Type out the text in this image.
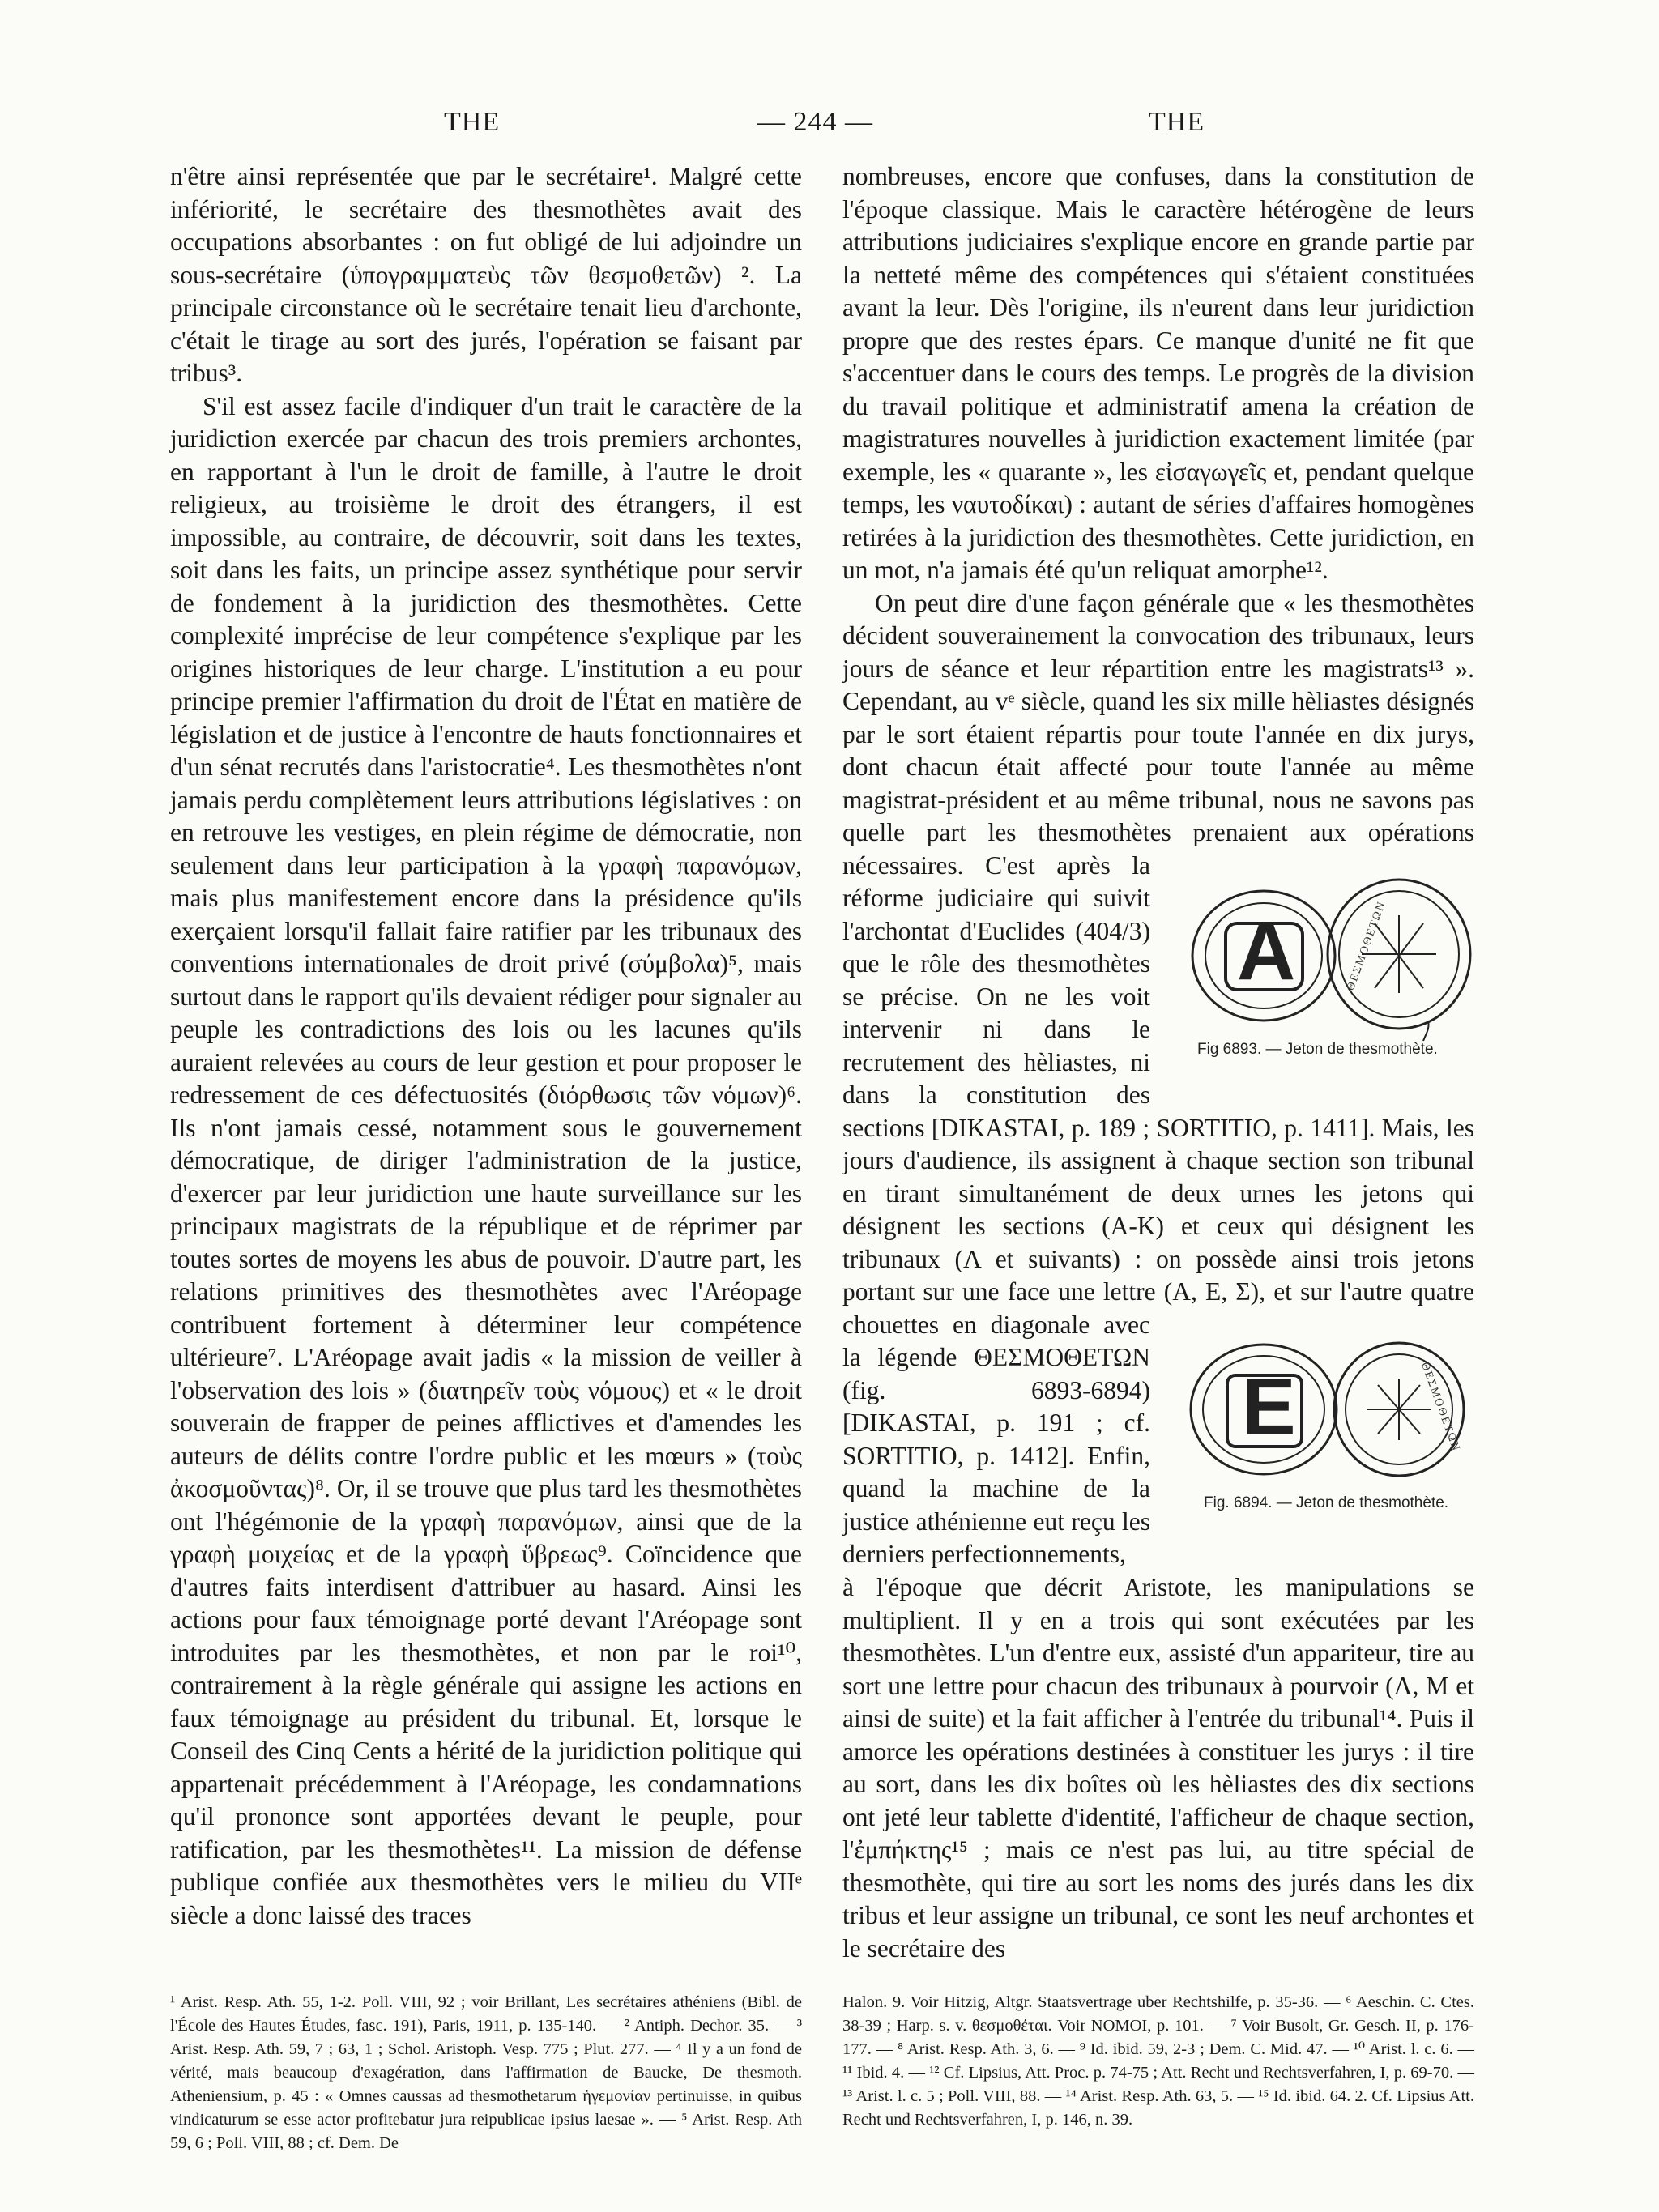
THE	— 244 —	THE

n'être ainsi représentée que par le secrétaire¹. Malgré cette infériorité, le secrétaire des thesmothètes avait des occupations absorbantes : on fut obligé de lui adjoindre un sous-secrétaire (ὑπογραμματεὺς τῶν θεσμοθετῶν) ². La principale circonstance où le secrétaire tenait lieu d'archonte, c'était le tirage au sort des jurés, l'opération se faisant par tribus³.

S'il est assez facile d'indiquer d'un trait le caractère de la juridiction exercée par chacun des trois premiers archontes, en rapportant à l'un le droit de famille, à l'autre le droit religieux, au troisième le droit des étrangers, il est impossible, au contraire, de découvrir, soit dans les textes, soit dans les faits, un principe assez synthétique pour servir de fondement à la juridiction des thesmothètes. Cette complexité imprécise de leur compétence s'explique par les origines historiques de leur charge. L'institution a eu pour principe premier l'affirmation du droit de l'État en matière de législation et de justice à l'encontre de hauts fonctionnaires et d'un sénat recrutés dans l'aristocratie⁴. Les thesmothètes n'ont jamais perdu complètement leurs attributions législatives : on en retrouve les vestiges, en plein régime de démocratie, non seulement dans leur participation à la γραφὴ παρανόμων, mais plus manifestement encore dans la présidence qu'ils exerçaient lorsqu'il fallait faire ratifier par les tribunaux des conventions internationales de droit privé (σύμβολα)⁵, mais surtout dans le rapport qu'ils devaient rédiger pour signaler au peuple les contradictions des lois ou les lacunes qu'ils auraient relevées au cours de leur gestion et pour proposer le redressement de ces défectuosités (διόρθωσις τῶν νόμων)⁶. Ils n'ont jamais cessé, notamment sous le gouvernement démocratique, de diriger l'administration de la justice, d'exercer par leur juridiction une haute surveillance sur les principaux magistrats de la république et de réprimer par toutes sortes de moyens les abus de pouvoir. D'autre part, les relations primitives des thesmothètes avec l'Aréopage contribuent fortement à déterminer leur compétence ultérieure⁷. L'Aréopage avait jadis « la mission de veiller à l'observation des lois » (διατηρεῖν τοὺς νόμους) et « le droit souverain de frapper de peines afflictives et d'amendes les auteurs de délits contre l'ordre public et les mœurs » (τοὺς ἀκοσμοῦντας)⁸. Or, il se trouve que plus tard les thesmothètes ont l'hégémonie de la γραφὴ παρανόμων, ainsi que de la γραφὴ μοιχείας et de la γραφὴ ὕβρεως⁹. Coïncidence que d'autres faits interdisent d'attribuer au hasard. Ainsi les actions pour faux témoignage porté devant l'Aréopage sont introduites par les thesmothètes, et non par le roi¹⁰, contrairement à la règle générale qui assigne les actions en faux témoignage au président du tribunal. Et, lorsque le Conseil des Cinq Cents a hérité de la juridiction politique qui appartenait précédemment à l'Aréopage, les condamnations qu'il prononce sont apportées devant le peuple, pour ratification, par les thesmothètes¹¹. La mission de défense publique confiée aux thesmothètes vers le milieu du VIIᵉ siècle a donc laissé des traces

nombreuses, encore que confuses, dans la constitution de l'époque classique. Mais le caractère hétérogène de leurs attributions judiciaires s'explique encore en grande partie par la netteté même des compétences qui s'étaient constituées avant la leur. Dès l'origine, ils n'eurent dans leur juridiction propre que des restes épars. Ce manque d'unité ne fit que s'accentuer dans le cours des temps. Le progrès de la division du travail politique et administratif amena la création de magistratures nouvelles à juridiction exactement limitée (par exemple, les « quarante », les εἰσαγωγεῖς et, pendant quelque temps, les ναυτοδίκαι) : autant de séries d'affaires homogènes retirées à la juridiction des thesmothètes. Cette juridiction, en un mot, n'a jamais été qu'un reliquat amorphe¹².

On peut dire d'une façon générale que « les thesmothètes décident souverainement la convocation des tribunaux, leurs jours de séance et leur répartition entre les magistrats¹³ ». Cependant, au vᵉ siècle, quand les six mille hèliastes désignés par le sort étaient répartis pour toute l'année en dix jurys, dont chacun était affecté pour toute l'année au même magistrat-président et au même tribunal, nous ne savons pas quelle part les thesmothètes prenaient aux opérations nécessaires. C'est après la réforme judiciaire qui suivit l'archontat d'Euclides (404/3) que le rôle des thesmothètes se précise. On ne les voit intervenir ni dans le recrutement des hèliastes, ni dans la constitution des sections [DIKASTAI, p. 189 ; SORTITIO, p. 1411]. Mais, les jours d'audience, ils assignent à chaque section son tribunal en tirant simultanément de deux urnes les jetons qui désignent les sections (A-K) et ceux qui désignent les tribunaux (Λ et suivants) : on possède ainsi trois jetons portant sur une face une lettre (A, E, Σ), et sur l'autre quatre chouettes en diagonale avec la légende ΘΕΣΜΟΘΕΤΩΝ (fig. 6893-6894) [DIKASTAI, p. 191 ; cf. SORTITIO, p. 1412]. Enfin, quand la machine de la justice athénienne eut reçu les derniers perfectionnements,

A	ΘΕΣΜΟΘΕΤΩΝ
Fig 6893. — Jeton de thesmothète.
E	ΘΕΣΜΟΘΕΤΩΝ
Fig. 6894. — Jeton de thesmothète.

à l'époque que décrit Aristote, les manipulations se multiplient. Il y en a trois qui sont exécutées par les thesmothètes. L'un d'entre eux, assisté d'un appariteur, tire au sort une lettre pour chacun des tribunaux à pourvoir (Λ, M et ainsi de suite) et la fait afficher à l'entrée du tribunal¹⁴. Puis il amorce les opérations destinées à constituer les jurys : il tire au sort, dans les dix boîtes où les hèliastes des dix sections ont jeté leur tablette d'identité, l'afficheur de chaque section, l'ἐμπήκτης¹⁵ ; mais ce n'est pas lui, au titre spécial de thesmothète, qui tire au sort les noms des jurés dans les dix tribus et leur assigne un tribunal, ce sont les neuf archontes et le secrétaire des

¹ Arist. Resp. Ath. 55, 1-2. Poll. VIII, 92 ; voir Brillant, Les secrétaires athéniens (Bibl. de l'École des Hautes Études, fasc. 191), Paris, 1911, p. 135-140. — ² Antiph. Dechor. 35. — ³ Arist. Resp. Ath. 59, 7 ; 63, 1 ; Schol. Aristoph. Vesp. 775 ; Plut. 277. — ⁴ Il y a un fond de vérité, mais beaucoup d'exagération, dans l'affirmation de Baucke, De thesmoth. Atheniensium, p. 45 : « Omnes caussas ad thesmothetarum ἡγεμονίαν pertinuisse, in quibus vindicaturum se esse actor profitebatur jura reipublicae ipsius laesae ». — ⁵ Arist. Resp. Ath 59, 6 ; Poll. VIII, 88 ; cf. Dem. De

Halon. 9. Voir Hitzig, Altgr. Staatsvertrage uber Rechtshilfe, p. 35-36. — ⁶ Aeschin. C. Ctes. 38-39 ; Harp. s. v. θεσμοθέται. Voir NOMOI, p. 101. — ⁷ Voir Busolt, Gr. Gesch. II, p. 176-177. — ⁸ Arist. Resp. Ath. 3, 6. — ⁹ Id. ibid. 59, 2-3 ; Dem. C. Mid. 47. — ¹⁰ Arist. l. c. 6. — ¹¹ Ibid. 4. — ¹² Cf. Lipsius, Att. Proc. p. 74-75 ; Att. Recht und Rechtsverfahren, I, p. 69-70. — ¹³ Arist. l. c. 5 ; Poll. VIII, 88. — ¹⁴ Arist. Resp. Ath. 63, 5. — ¹⁵ Id. ibid. 64. 2. Cf. Lipsius Att. Recht und Rechtsverfahren, I, p. 146, n. 39.
